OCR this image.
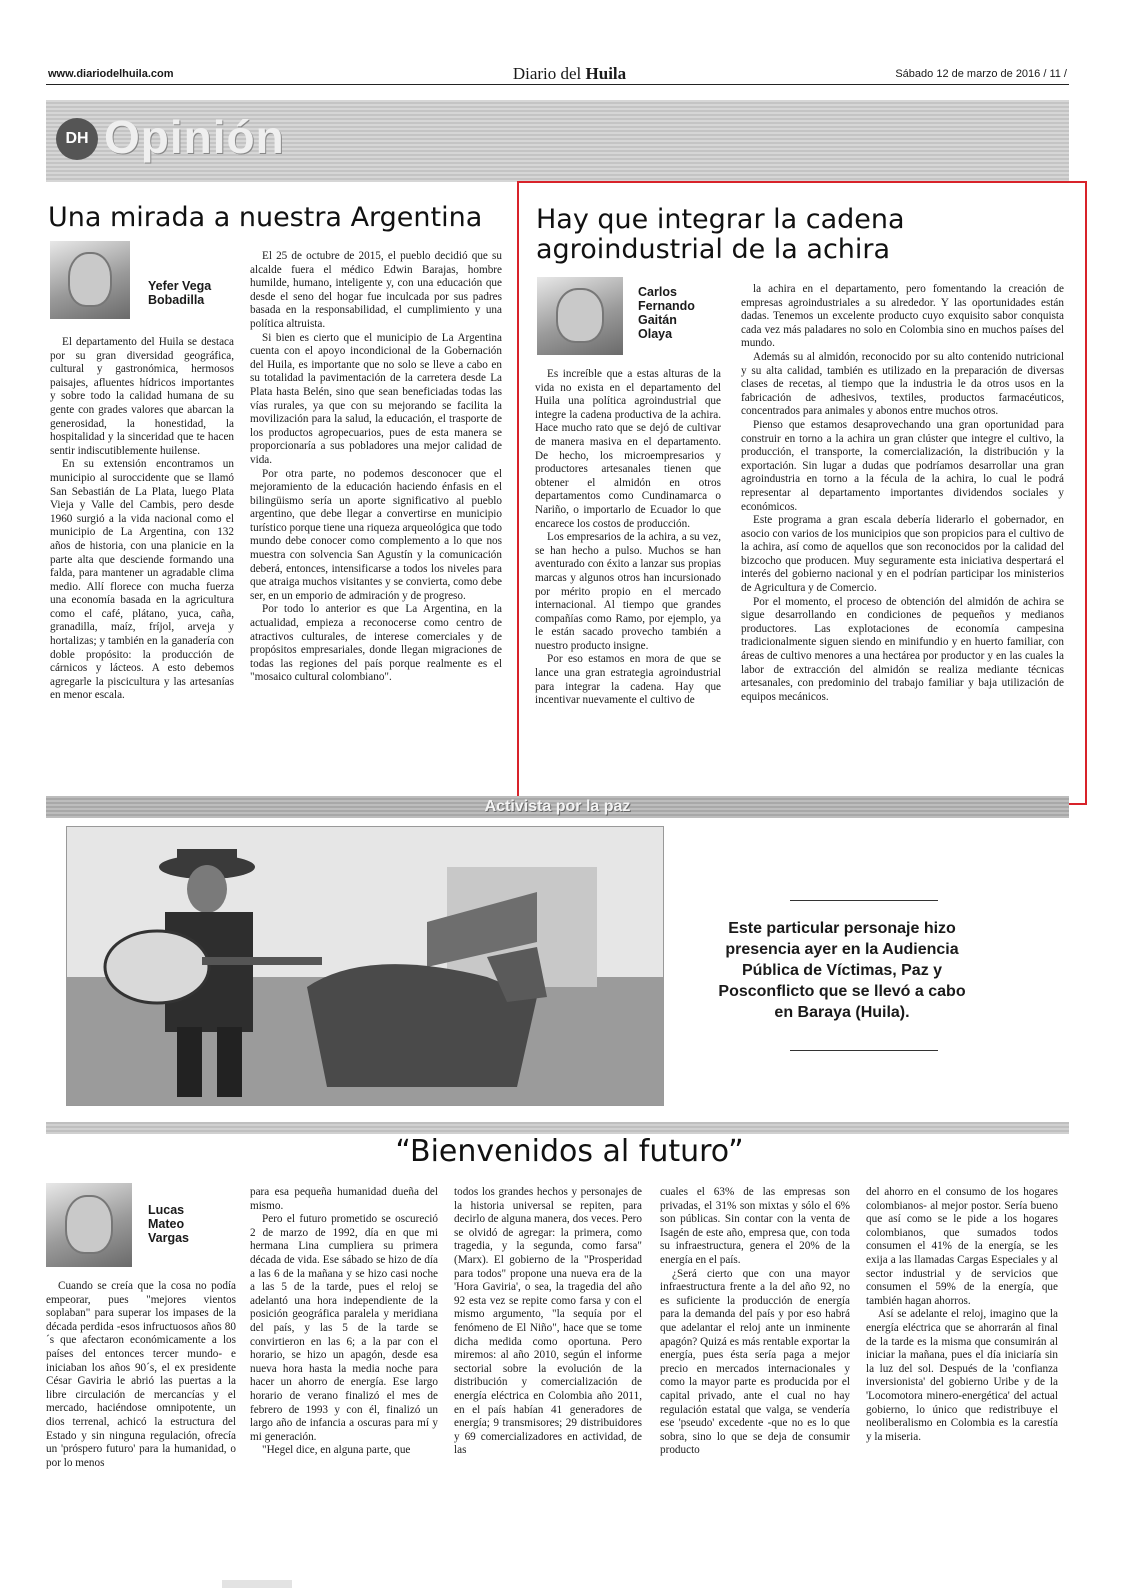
www.diariodelhuila.com	Diario del Huila	Sábado 12 de marzo de 2016 / 11 /
DH Opinión
Una mirada a nuestra Argentina
Yefer Vega
Bobadilla

El departamento del Huila se destaca por su gran diversidad geográfica, cultural y gastronómica, hermosos paisajes, afluentes hídricos importantes y sobre todo la calidad humana de su gente con grades valores que abarcan la generosidad, la honestidad, la hospitalidad y la sinceridad que te hacen sentir indiscutiblemente huilense.

En su extensión encontramos un municipio al suroccidente que se llamó San Sebastián de La Plata, luego Plata Vieja y Valle del Cambis, pero desde 1960 surgió a la vida nacional como el municipio de La Argentina, con 132 años de historia, con una planicie en la parte alta que desciende formando una falda, para mantener un agradable clima medio. Allí florece con mucha fuerza una economía basada en la agricultura como el café, plátano, yuca, caña, granadilla, maíz, fríjol, arveja y hortalizas; y también en la ganadería con doble propósito: la producción de cárnicos y lácteos. A esto debemos agregarle la piscicultura y las artesanías en menor escala.

El 25 de octubre de 2015, el pueblo decidió que su alcalde fuera el médico Edwin Barajas, hombre humilde, humano, inteligente y, con una educación que desde el seno del hogar fue inculcada por sus padres basada en la responsabilidad, el cumplimiento y una política altruista.

Si bien es cierto que el municipio de La Argentina cuenta con el apoyo incondicional de la Gobernación del Huila, es importante que no solo se lleve a cabo en su totalidad la pavimentación de la carretera desde La Plata hasta Belén, sino que sean beneficiadas todas las vías rurales, ya que con su mejorando se facilita la movilización para la salud, la educación, el trasporte de los productos agropecuarios, pues de esta manera se proporcionaría a sus pobladores una mejor calidad de vida.

Por otra parte, no podemos desconocer que el mejoramiento de la educación haciendo énfasis en el bilingüismo sería un aporte significativo al pueblo argentino, que debe llegar a convertirse en municipio turístico porque tiene una riqueza arqueológica que todo mundo debe conocer como complemento a lo que nos muestra con solvencia San Agustín y la comunicación deberá, entonces, intensificarse a todos los niveles para que atraiga muchos visitantes y se convierta, como debe ser, en un emporio de admiración y de progreso.

Por todo lo anterior es que La Argentina, en la actualidad, empieza a reconocerse como centro de atractivos culturales, de interese comerciales y de propósitos empresariales, donde llegan migraciones de todas las regiones del país porque realmente es el "mosaico cultural colombiano".

Hay que integrar la cadena
agroindustrial de la achira
Carlos
Fernando
Gaitán
Olaya

Es increíble que a estas alturas de la vida no exista en el departamento del Huila una política agroindustrial que integre la cadena productiva de la achira. Hace mucho rato que se dejó de cultivar de manera masiva en el departamento. De hecho, los microempresarios y productores artesanales tienen que obtener el almidón en otros departamentos como Cundinamarca o Nariño, o importarlo de Ecuador lo que encarece los costos de producción.

Los empresarios de la achira, a su vez, se han hecho a pulso. Muchos se han aventurado con éxito a lanzar sus propias marcas y algunos otros han incursionado por mérito propio en el mercado internacional. Al tiempo que grandes compañías como Ramo, por ejemplo, ya le están sacado provecho también a nuestro producto insigne.

Por eso estamos en mora de que se lance una gran estrategia agroindustrial para integrar la cadena. Hay que incentivar nuevamente el cultivo de

la achira en el departamento, pero fomentando la creación de empresas agroindustriales a su alrededor. Y las oportunidades están dadas. Tenemos un excelente producto cuyo exquisito sabor conquista cada vez más paladares no solo en Colombia sino en muchos países del mundo.

Además su al almidón, reconocido por su alto contenido nutricional y su alta calidad, también es utilizado en la preparación de diversas clases de recetas, al tiempo que la industria le da otros usos en la fabricación de adhesivos, textiles, productos farmacéuticos, concentrados para animales y abonos entre muchos otros.

Pienso que estamos desaprovechando una gran oportunidad para construir en torno a la achira un gran clúster que integre el cultivo, la producción, el transporte, la comercialización, la distribución y la exportación. Sin lugar a dudas que podríamos desarrollar una gran agroindustria en torno a la fécula de la achira, lo cual le podrá representar al departamento importantes dividendos sociales y económicos.

Este programa a gran escala debería liderarlo el gobernador, en asocio con varios de los municipios que son propicios para el cultivo de la achira, así como de aquellos que son reconocidos por la calidad del bizcocho que producen. Muy seguramente esta iniciativa despertará el interés del gobierno nacional y en el podrían participar los ministerios de Agricultura y de Comercio.

Por el momento, el proceso de obtención del almidón de achira se sigue desarrollando en condiciones de pequeños y medianos productores. Las explotaciones de economía campesina tradicionalmente siguen siendo en minifundio y en huerto familiar, con áreas de cultivo menores a una hectárea por productor y en las cuales la labor de extracción del almidón se realiza mediante técnicas artesanales, con predominio del trabajo familiar y baja utilización de equipos mecánicos.

Activista por la paz
Este particular personaje hizo presencia ayer en la Audiencia Pública de Víctimas, Paz y Posconflicto que se llevó a cabo en Baraya (Huila).
“Bienvenidos al futuro”
Lucas
Mateo
Vargas

Cuando se creía que la cosa no podía empeorar, pues "mejores vientos soplaban" para superar los impases de la década perdida -esos infructuosos años 80´s que afectaron económicamente a los países del entonces tercer mundo- e iniciaban los años 90´s, el ex presidente César Gaviria le abrió las puertas a la libre circulación de mercancías y el mercado, haciéndose omnipotente, un dios terrenal, achicó la estructura del Estado y sin ninguna regulación, ofrecía un 'próspero futuro' para la humanidad, o por lo menos

para esa pequeña humanidad dueña del mismo.

Pero el futuro prometido se oscureció 2 de marzo de 1992, día en que mi hermana Lina cumpliera su primera década de vida. Ese sábado se hizo de día a las 6 de la mañana y se hizo casi noche a las 5 de la tarde, pues el reloj se adelantó una hora independiente de la posición geográfica paralela y meridiana del país, y las 5 de la tarde se convirtieron en las 6; a la par con el horario, se hizo un apagón, desde esa nueva hora hasta la media noche para hacer un ahorro de energía. Ese largo horario de verano finalizó el mes de febrero de 1993 y con él, finalizó un largo año de infancia a oscuras para mí y mi generación.

"Hegel dice, en alguna parte, que

todos los grandes hechos y personajes de la historia universal se repiten, para decirlo de alguna manera, dos veces. Pero se olvidó de agregar: la primera, como tragedia, y la segunda, como farsa" (Marx). El gobierno de la "Prosperidad para todos" propone una nueva era de la 'Hora Gaviria', o sea, la tragedia del año 92 esta vez se repite como farsa y con el mismo argumento, "la sequía por el fenómeno de El Niño", hace que se tome dicha medida como oportuna. Pero miremos: al año 2010, según el informe sectorial sobre la evolución de la distribución y comercialización de energía eléctrica en Colombia año 2011, en el país habían 41 generadores de energía; 9 transmisores; 29 distribuidores y 69 comercializadores en actividad, de las

cuales el 63% de las empresas son privadas, el 31% son mixtas y sólo el 6% son públicas. Sin contar con la venta de Isagén de este año, empresa que, con toda su infraestructura, genera el 20% de la energía en el país.

¿Será cierto que con una mayor infraestructura frente a la del año 92, no es suficiente la producción de energía para la demanda del país y por eso habrá que adelantar el reloj ante un inminente apagón? Quizá es más rentable exportar la energía, pues ésta sería paga a mejor precio en mercados internacionales y como la mayor parte es producida por el capital privado, ante el cual no hay regulación estatal que valga, se vendería ese 'pseudo' excedente -que no es lo que sobra, sino lo que se deja de consumir producto

del ahorro en el consumo de los hogares colombianos- al mejor postor. Sería bueno que así como se le pide a los hogares colombianos, que sumados todos consumen el 41% de la energía, se les exija a las llamadas Cargas Especiales y al sector industrial y de servicios que consumen el 59% de la energía, que también hagan ahorros.

Así se adelante el reloj, imagino que la energía eléctrica que se ahorrarán al final de la tarde es la misma que consumirán al iniciar la mañana, pues el día iniciaría sin la luz del sol. Después de la 'confianza inversionista' del gobierno Uribe y de la 'Locomotora minero-energética' del actual gobierno, lo único que redistribuye el neoliberalismo en Colombia es la carestía y la miseria.
